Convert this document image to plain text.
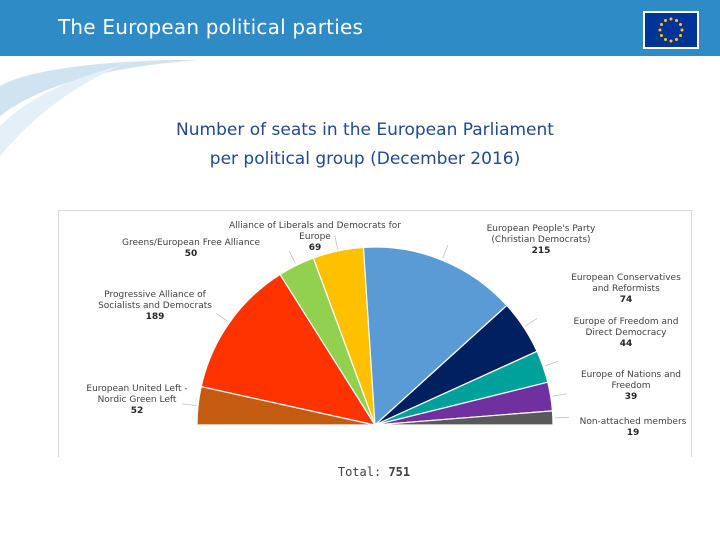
The European political parties
Number of seats in the European Parliament
per political group (December 2016)
European United Left -
Nordic Green Left
52
Progressive Alliance of
Socialists and Democrats
189
Greens/European Free Alliance
50
Alliance of Liberals and Democrats for
Europe
69
European People's Party
(Christian Democrats)
215
European Conservatives
and Reformists
74
Europe of Freedom and
Direct Democracy
44
Europe of Nations and
Freedom
39
Non-attached members
19
Total: 751
